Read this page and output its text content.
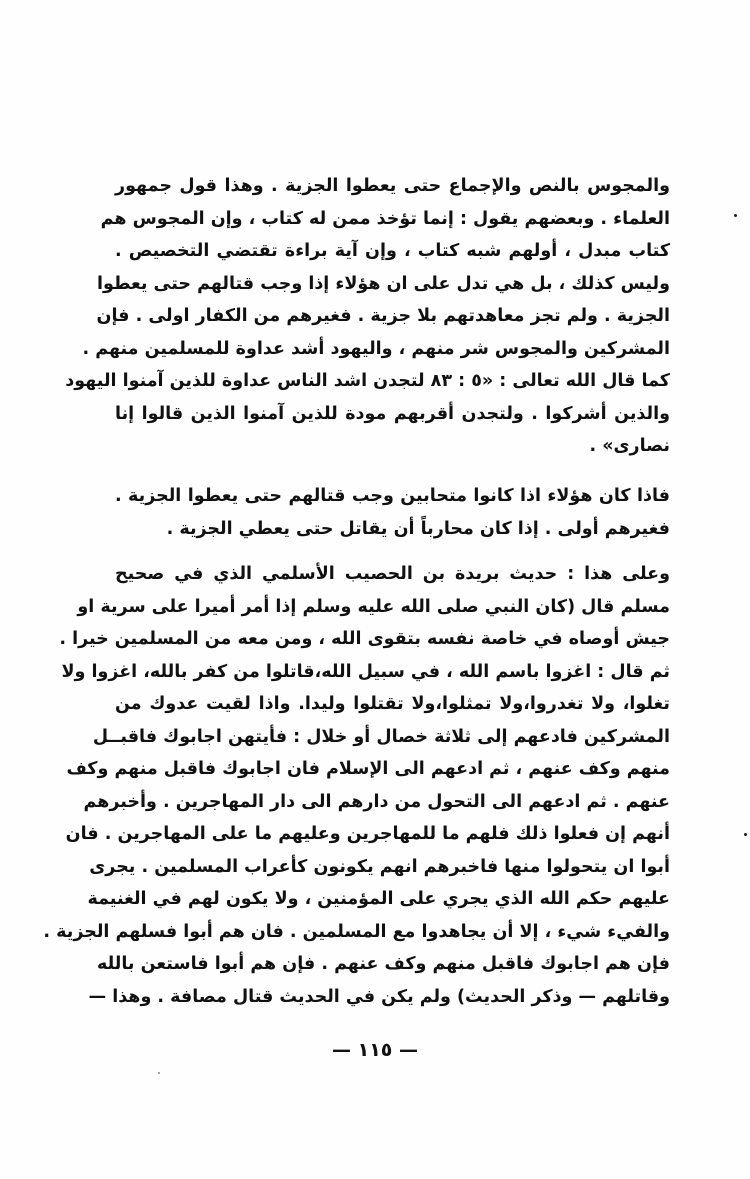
والمجوس بالنص والإجماع حتى يعطوا الجزية . وهذا قول جمهور
العلماء . وبعضهم يقول : إنما تؤخذ ممن له كتاب ، وإن المجوس هم
كتاب مبدل ، أولهم شبه كتاب ، وإن آية براءة تقتضي التخصيص .
وليس كذلك ، بل هي تدل على ان هؤلاء إذا وجب قتالهم حتى يعطوا
الجزية . ولم تجز معاهدتهم بلا جزية . فغيرهم من الكفار اولى . فإن
المشركين والمجوس شر منهم ، واليهود أشد عداوة للمسلمين منهم .
كما قال الله تعالى : «٥ : ٨٣ لتجدن اشد الناس عداوة للذين آمنوا اليهود
والذين أشركوا . ولتجدن أقربهم مودة للذين آمنوا الذين قالوا إنا
نصارى» .
فاذا كان هؤلاء اذا كانوا متحابين وجب قتالهم حتى يعطوا الجزية .
فغيرهم أولى . إذا كان محارباً أن يقاتل حتى يعطي الجزية .
وعلى هذا : حديث بريدة بن الحصيب الأسلمي الذي في صحيح
مسلم قال (كان النبي صلى الله عليه وسلم إذا أمر أميرا على سرية او
جيش أوصاه في خاصة نفسه بتقوى الله ، ومن معه من المسلمين خيرا .
ثم قال : اغزوا باسم الله ، في سبيل الله،قاتلوا من كفر بالله، اغزوا ولا
تغلوا، ولا تغدروا،ولا تمثلوا،ولا تقتلوا وليدا. واذا لقيت عدوك من
المشركين فادعهم إلى ثلاثة خصال أو خلال : فأيتهن اجابوك فاقبــل
منهم وكف عنهم ، ثم ادعهم الى الإسلام فان اجابوك فاقبل منهم وكف
عنهم . ثم ادعهم الى التحول من دارهم الى دار المهاجرين . وأخبرهم
أنهم إن فعلوا ذلك فلهم ما للمهاجرين وعليهم ما على المهاجرين . فان
أبوا ان يتحولوا منها فاخبرهم انهم يكونون كأعراب المسلمين . يجرى
عليهم حكم الله الذي يجري على المؤمنين ، ولا يكون لهم في الغنيمة
والفيء شيء ، إلا أن يجاهدوا مع المسلمين . فان هم أبوا فسلهم الجزية .
فإن هم اجابوك فاقبل منهم وكف عنهم . فإن هم أبوا فاستعن بالله
وقاتلهم — وذكر الحديث) ولم يكن في الحديث قتال مصافة . وهذا —
— ١١٥ —
